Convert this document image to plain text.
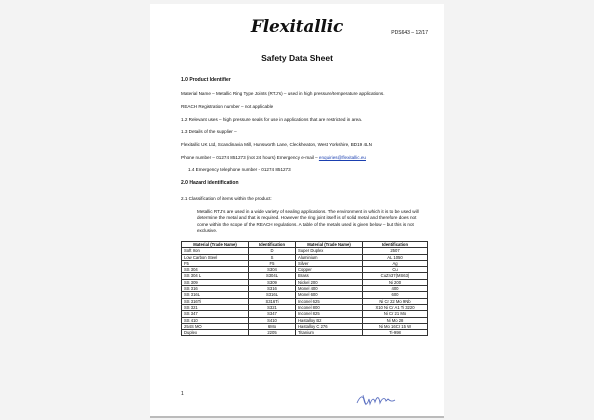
Flexitallic	PDS643 – 12/17
Safety Data Sheet
1.0 Product Identifier
Material Name – Metallic Ring Type Joints (RTJ’s) – used in high pressure/temperature applications.
REACH Registration number – not applicable
1.2 Relevant uses – high pressure seals for use in applications that are restricted in area.
1.3 Details of the supplier –
Flexitallic UK Ltd, Scandinavia Mill, Hunsworth Lane, Cleckheaton, West Yorkshire, BD19 4LN
Phone number – 01274 851273 (not 24 hours) Emergency e-mail – enquiries@flexitallic.eu
1.4 Emergency telephone number - 01274 851273
2.0 Hazard identification
2.1 Classification of items within the product:
Metallic RTJ’s are used in a wide variety of sealing applications. The environment in which it is to be used will determine the metal and that is required. However the ring joint itself is of solid metal and therefore does not come within the scope of the REACH regulations. A table of the metals used is given below – but this is not exclusive.
Material (Trade Name)	Identification	Material (Trade Name)	Identification
Soft Iron	D	Super Duplex	2507
Low Carbon Steel	S	Aluminium	AL 1050
F5	F5	Silver	Ag
SS 304	S304	Copper	Cu
SS 304 L	S304L	Brass	CuZn37(MS63)
SS 309	S309	Nickel 200	Ni 200
SS 316	S316	Monel 400	400
SS 316L	S316L	Monel 600	600
SS 316Ti	S316Ti	Inconel 625	Ni Cr 22 Mo 9Nb
SS 321	S321	Inconel 800	X10 Ni Cr A1 Ti 3220
SS 347	S347	Inconel 825	Ni Cr 21 Mo
SS 410	S410	Hastalloy B2	Ni Mo 28
254S MO	6Mo	Hastalloy C 276	Ni Mo 16Cr 15 W
Duplex	2205	Titanium	Ti-998
1
